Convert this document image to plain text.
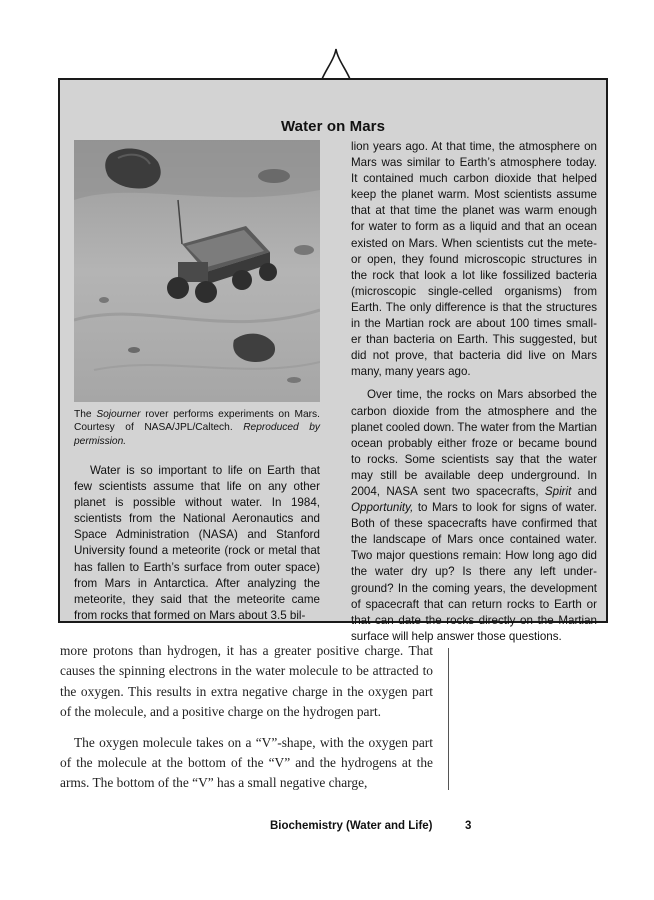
Water on Mars
The Sojourner rover performs experiments on Mars. Courtesy of NASA/JPL/Caltech. Reproduced by permission.

Water is so important to life on Earth that few scientists assume that life on any other planet is possible without water. In 1984, scientists from the National Aeronautics and Space Administration (NASA) and Stanford University found a meteorite (rock or metal that has fallen to Earth’s surface from outer space) from Mars in Antarctica. After analyzing the meteorite, they said that the meteorite came from rocks that formed on Mars about 3.5 bil-

lion years ago. At that time, the atmosphere on Mars was similar to Earth’s atmosphere today. It contained much carbon dioxide that helped keep the planet warm. Most scientists assume that at that time the planet was warm enough for water to form as a liquid and that an ocean existed on Mars. When scientists cut the mete- or open, they found microscopic structures in the rock that look a lot like fossilized bacteria (microscopic single-celled organisms) from Earth. The only difference is that the structures in the Martian rock are about 100 times small- er than bacteria on Earth. This suggested, but did not prove, that bacteria did live on Mars many, many years ago.

Over time, the rocks on Mars absorbed the carbon dioxide from the atmosphere and the planet cooled down. The water from the Martian ocean probably either froze or became bound to rocks. Some scientists say that the water may still be available deep underground. In 2004, NASA sent two spacecrafts, Spirit and Opportunity, to Mars to look for signs of water. Both of these spacecrafts have confirmed that the landscape of Mars once contained water. Two major questions remain: How long ago did the water dry up? Is there any left under- ground? In the coming years, the development of spacecraft that can return rocks to Earth or that can date the rocks directly on the Martian surface will help answer those questions.

more protons than hydrogen, it has a greater positive charge. That causes the spinning electrons in the water molecule to be attracted to the oxygen. This results in extra negative charge in the oxygen part of the molecule, and a positive charge on the hydrogen part.

The oxygen molecule takes on a “V”-shape, with the oxygen part of the molecule at the bottom of the “V” and the hydrogens at the arms. The bottom of the “V” has a small negative charge,

Biochemistry (Water and Life)	3
